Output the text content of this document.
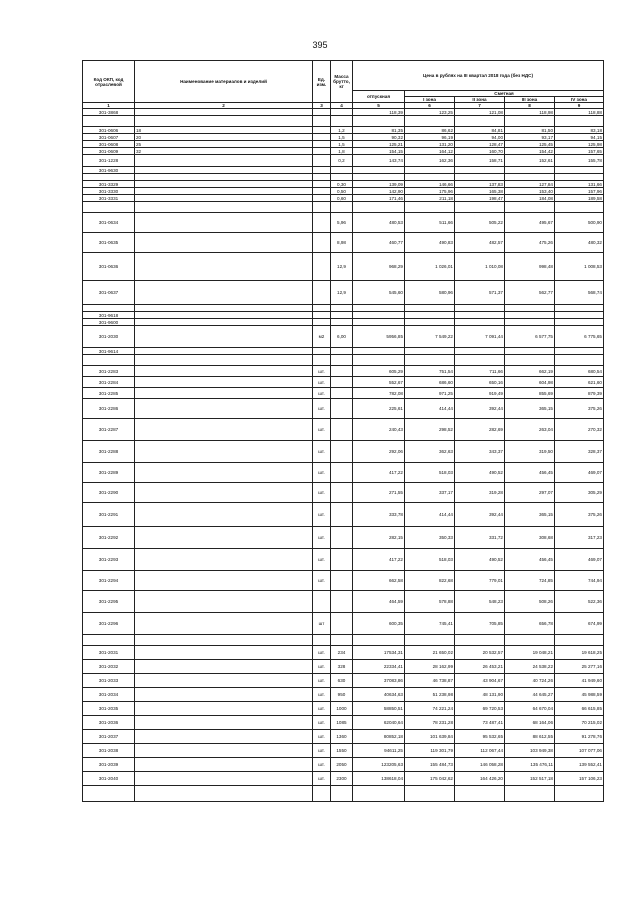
395
Код ОКП, код отраслевой	Наименование материалов и изделий	Ед. изм.	Масса брутто, кг	Цена в рублях на III квартал 2018 года (без НДС)				
				отпускная	Сметная			
					I зона	II зона	III зона	IV зона
1	2	3	4	5	6	7	8	9
301-3868				118,39	123,25	121,08	118,98	118,88

301-0606	18		1,2	81,35	86,62	84,81	81,50	83,18
301-0607	20		1,5	90,32	96,19	94,00	93,17	94,15
301-0608	25		1,5	125,21	131,20	128,47	125,45	125,98
301-0609	32		1,8	154,15	164,12	160,70	154,42	157,65
301-1228			0,2	143,74	162,36	158,71	152,61	155,78
301-9630								

301-3329			0,30	139,09	146,66	137,83	127,84	131,66
301-3330			0,50	142,90	175,96	165,38	153,40	157,96
301-3331			0,60	171,46	211,18	198,47	184,08	189,58

301-0634			5,96	480,53	511,66	505,22	495,67	500,90
301-0635			8,98	460,77	490,83	482,57	475,26	480,32
301-0636			12,9	968,29	1 026,01	1 010,08	998,48	1 008,53
301-0637			12,9	545,60	580,96	571,37	562,77	568,74

301-9618								
301-9600								
301-2030		м2	6,00	5956,85	7 549,22	7 091,44	6 577,75	6 775,65
301-9614								

301-2283		шт.		605,29	751,54	711,66	662,19	680,54
301-2284		шт.		552,67	686,60	650,16	604,98	621,60
301-2285		шт.		782,08	971,25	919,49	855,69	879,39
301-2286		шт.		225,61	414,44	392,44	365,15	375,26
301-2287		шт.		240,43	298,52	282,69	263,04	270,32
301-2288		шт.		292,06	362,63	343,37	319,50	328,37
301-2289		шт.		417,22	518,03	490,52	456,45	469,07
301-2290		шт.		271,55	337,17	319,28	297,07	305,29
301-2291		шт.		333,78	414,44	392,44	365,15	375,26
301-2292		шт.		282,15	350,33	331,72	308,68	317,23
301-2293		шт.		417,22	518,03	490,52	456,45	469,07
301-2294		шт.		662,58	822,68	779,01	724,85	744,94
301-2295				464,59	578,88	548,23	508,26	522,36
301-2296		шт		600,35	745,41	705,85	656,78	674,99

301-2031		шт.	234	17534,31	21 650,02	20 532,57	19 048,21	19 618,25
301-2032		шт.	328	22334,41	28 162,99	26 453,21	24 538,22	25 277,16
301-2033		шт.	630	37083,86	46 738,87	43 904,67	40 724,26	41 949,60
301-2034		шт.	950	40634,63	51 238,98	48 131,90	44 645,27	45 988,59
301-2035		шт.	1000	58850,51	74 221,24	69 720,53	64 670,04	66 615,85
301-2036		шт.	1085	62040,64	78 231,28	73 487,41	68 164,06	70 215,02
301-2037		шт.	1360	80852,18	101 639,84	95 532,65	88 612,55	91 278,76
301-2038		шт.	1550	94611,25	119 301,79	112 067,44	103 949,38	107 077,06
301-2039		шт.	2050	123205,63	155 484,73	146 058,28	135 476,11	139 552,41
301-2040		шт.	2300	138618,04	175 042,62	164 426,20	152 517,18	157 106,23
